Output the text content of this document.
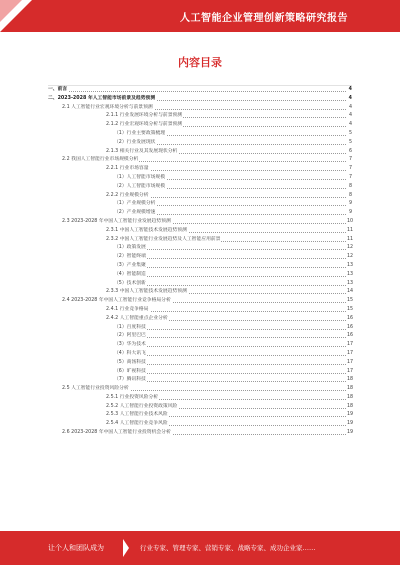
人工智能企业管理创新策略研究报告
内容目录
一、前言	4
二、2023-2028 年人工智能市场前景及趋势预测	4
2.1 人工智能行业宏观环境分析与前景预测	4
2.1.1 行业发展环境分析与前景预测	4
2.1.2 行业宏观环境分析与前景预测	4
（1）行业主要政策梳理	5
（2）行业发展现状	5
2.1.3 相关行业及其发展现状分析	6
2.2 我国人工智能行业市场规模分析	7
2.2.1 行业市场容量	7
（1）人工智能市场规模	7
（2）人工智能市场规模	8
2.2.2 行业规模分析	8
（1）产业规模分析	9
（2）产业规模增速	9
2.3 2023-2028 年中国人工智能行业发展趋势预测	10
2.3.1 中国人工智能技术发展趋势预测	11
2.3.2 中国人工智能行业发展趋势及人工智能应用前景	11
（1）政策发展	12
（2）智能终端	12
（3）产业集聚	13
（4）智能制造	13
（5）技术创新	13
2.3.3 中国人工智能技术发展趋势预测	14
2.4 2023-2028 年中国人工智能行业竞争格局分析	15
2.4.1 行业竞争格局	15
2.4.2 人工智能重点企业分析	16
（1）百度科技	16
（2）阿里巴巴	16
（3）华为技术	17
（4）科大讯飞	17
（5）商汤科技	17
（6）旷视科技	17
（7）腾讯科技	18
2.5 人工智能行业投资风险分析	18
2.5.1 行业投资风险分析	18
2.5.2 人工智能行业投资政策风险	18
2.5.3 人工智能行业技术风险	19
2.5.4 人工智能行业竞争风险	19
2.6 2023-2028 年中国人工智能行业投资机会分析	19
让个人和团队成为	行业专家、管理专家、营销专家、战略专家、成功企业家……
